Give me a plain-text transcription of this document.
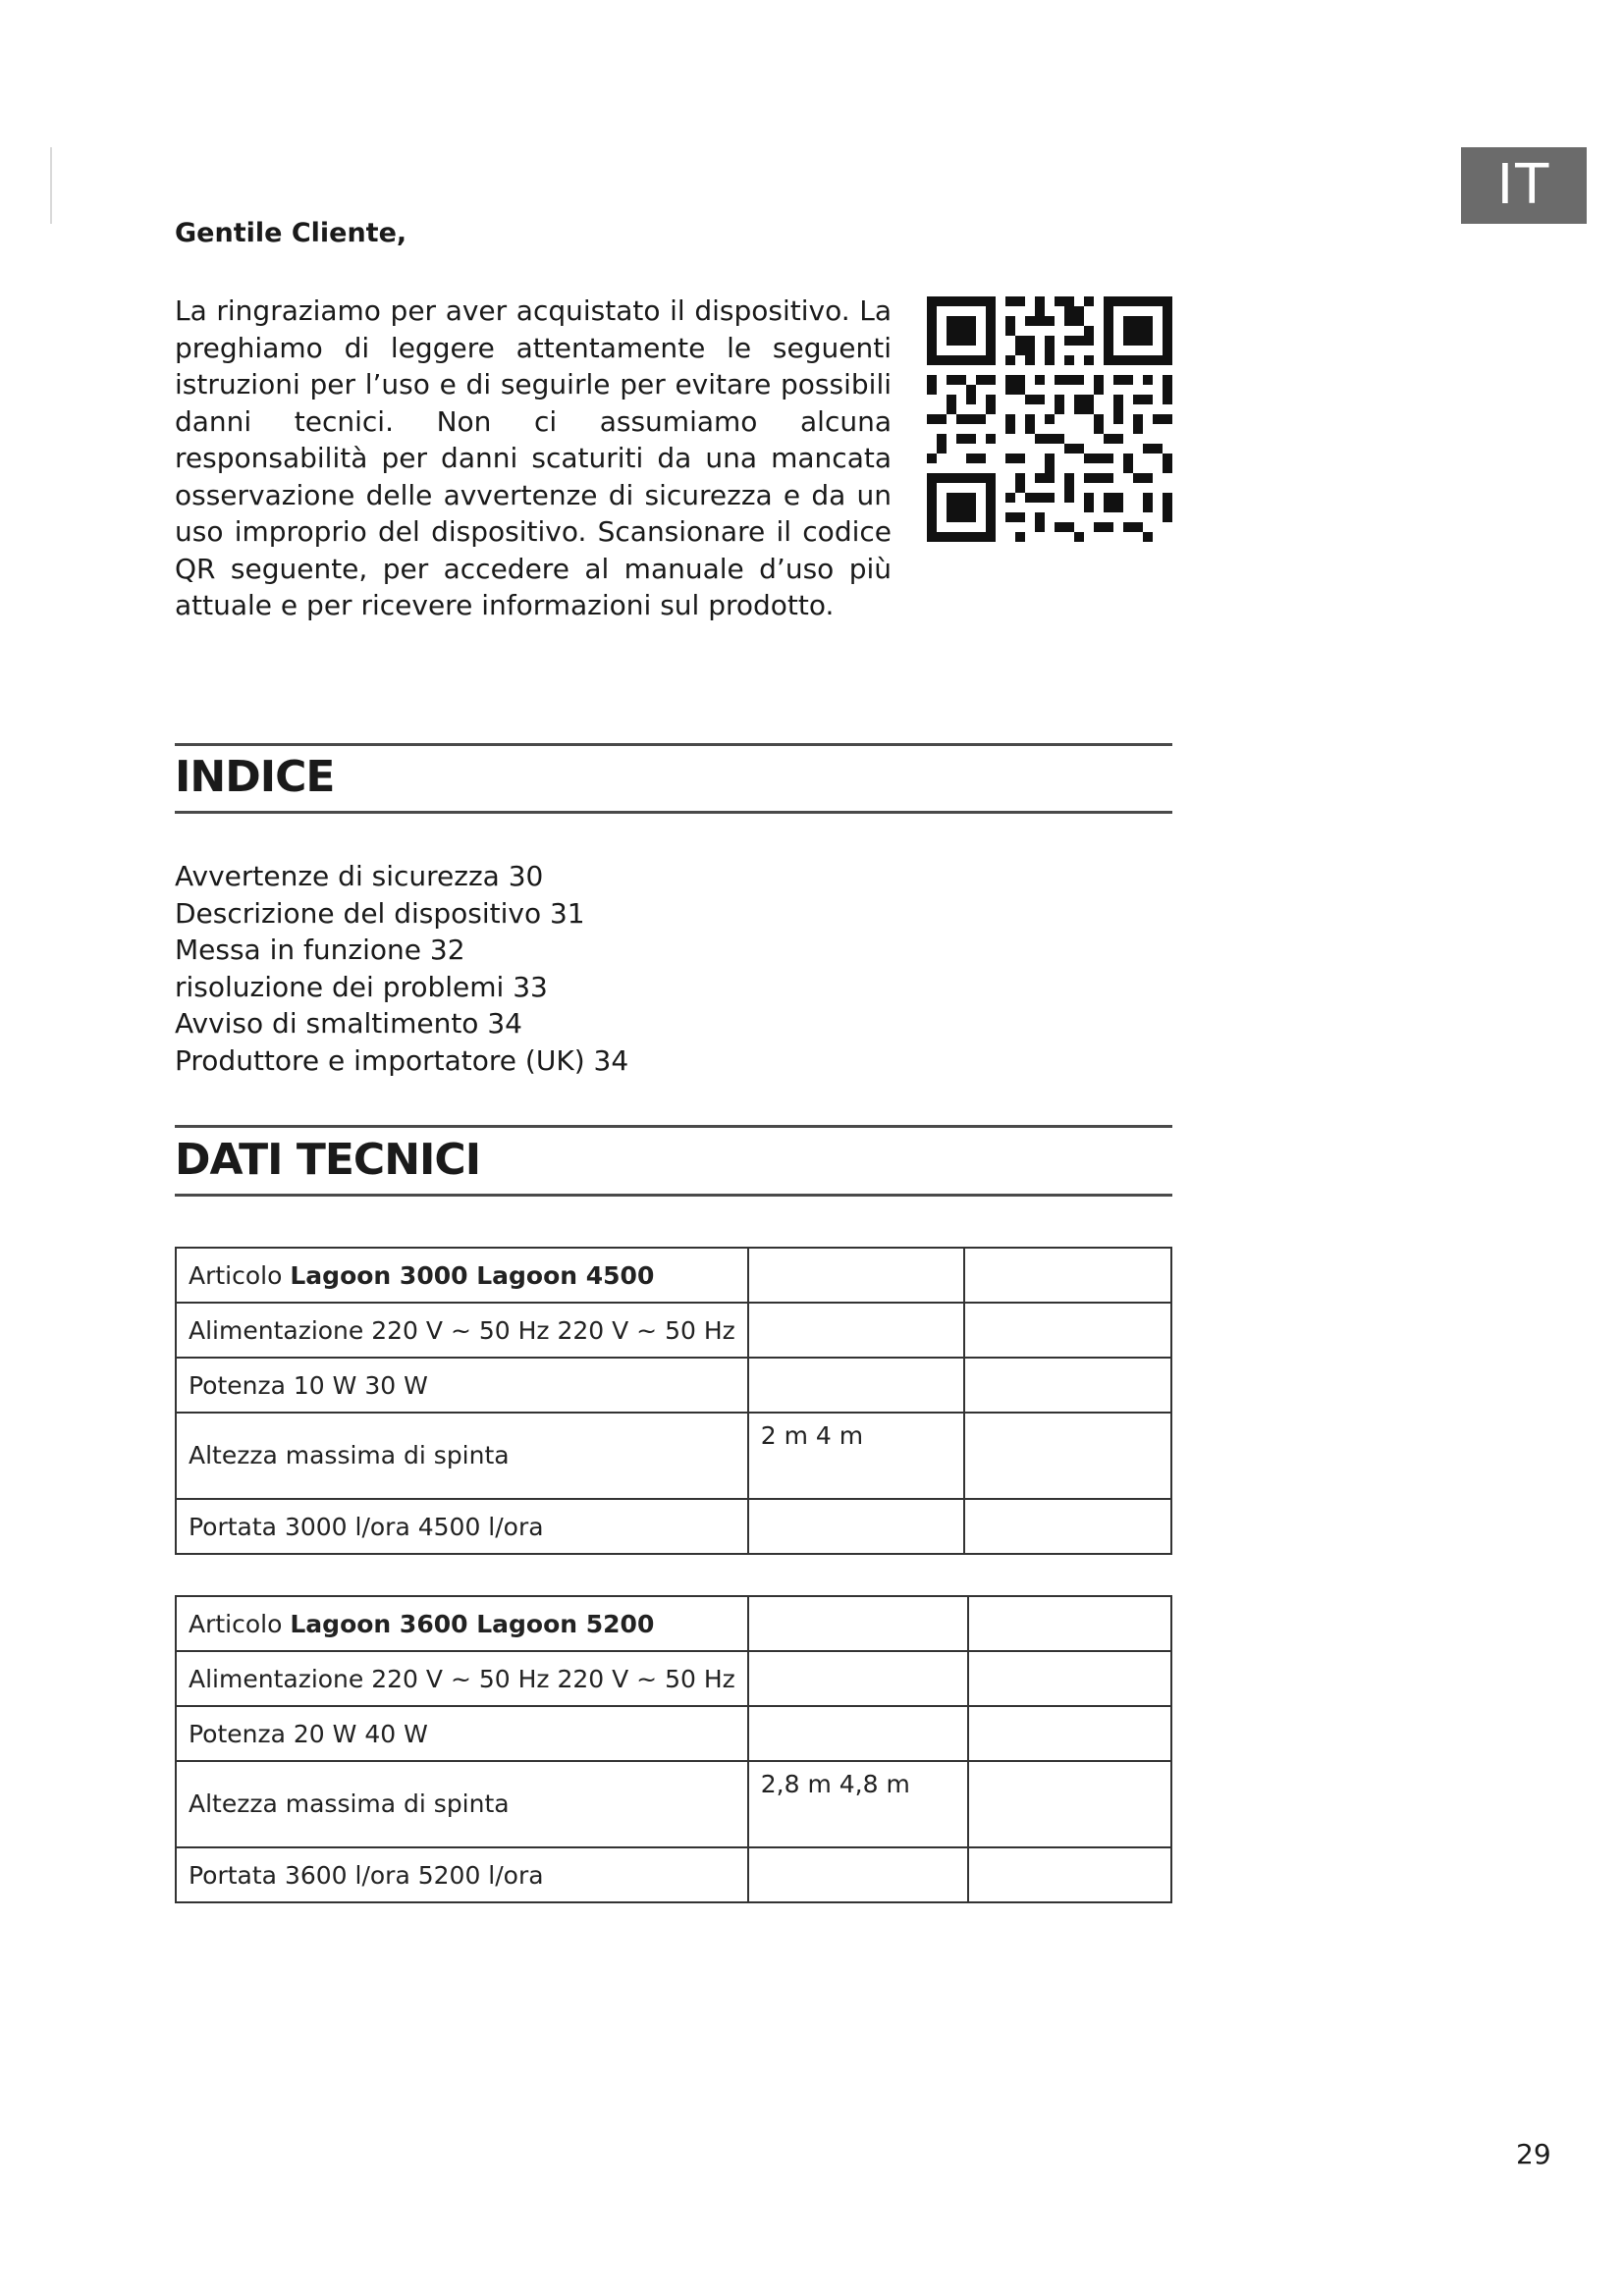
IT
Gentile Cliente,

La ringraziamo per aver acquistato il dispositivo. La preghiamo di leggere attentamente le seguenti istruzioni per l’uso e di seguirle per evitare possibili danni tecnici. Non ci assumiamo alcuna responsabilità per danni scaturiti da una mancata osservazione delle avvertenze di sicurezza e da un uso improprio del dispositivo. Scansionare il codice QR seguente, per accedere al manuale d’uso più attuale e per ricevere informazioni sul prodotto.

INDICE
Avvertenze di sicurezza 30
Descrizione del dispositivo 31
Messa in funzione 32
risoluzione dei problemi 33
Avviso di smaltimento 34
Produttore e importatore (UK) 34
DATI TECNICI
Articolo Lagoon 3000 Lagoon 4500		
Alimentazione 220 V ~ 50 Hz 220 V ~ 50 Hz		
Potenza 10 W 30 W		
Altezza massima di spinta	2 m 4 m	
Portata 3000 l/ora 4500 l/ora		
Articolo Lagoon 3600 Lagoon 5200		
Alimentazione 220 V ~ 50 Hz 220 V ~ 50 Hz		
Potenza 20 W 40 W		
Altezza massima di spinta	2,8 m 4,8 m	
Portata 3600 l/ora 5200 l/ora		
29
